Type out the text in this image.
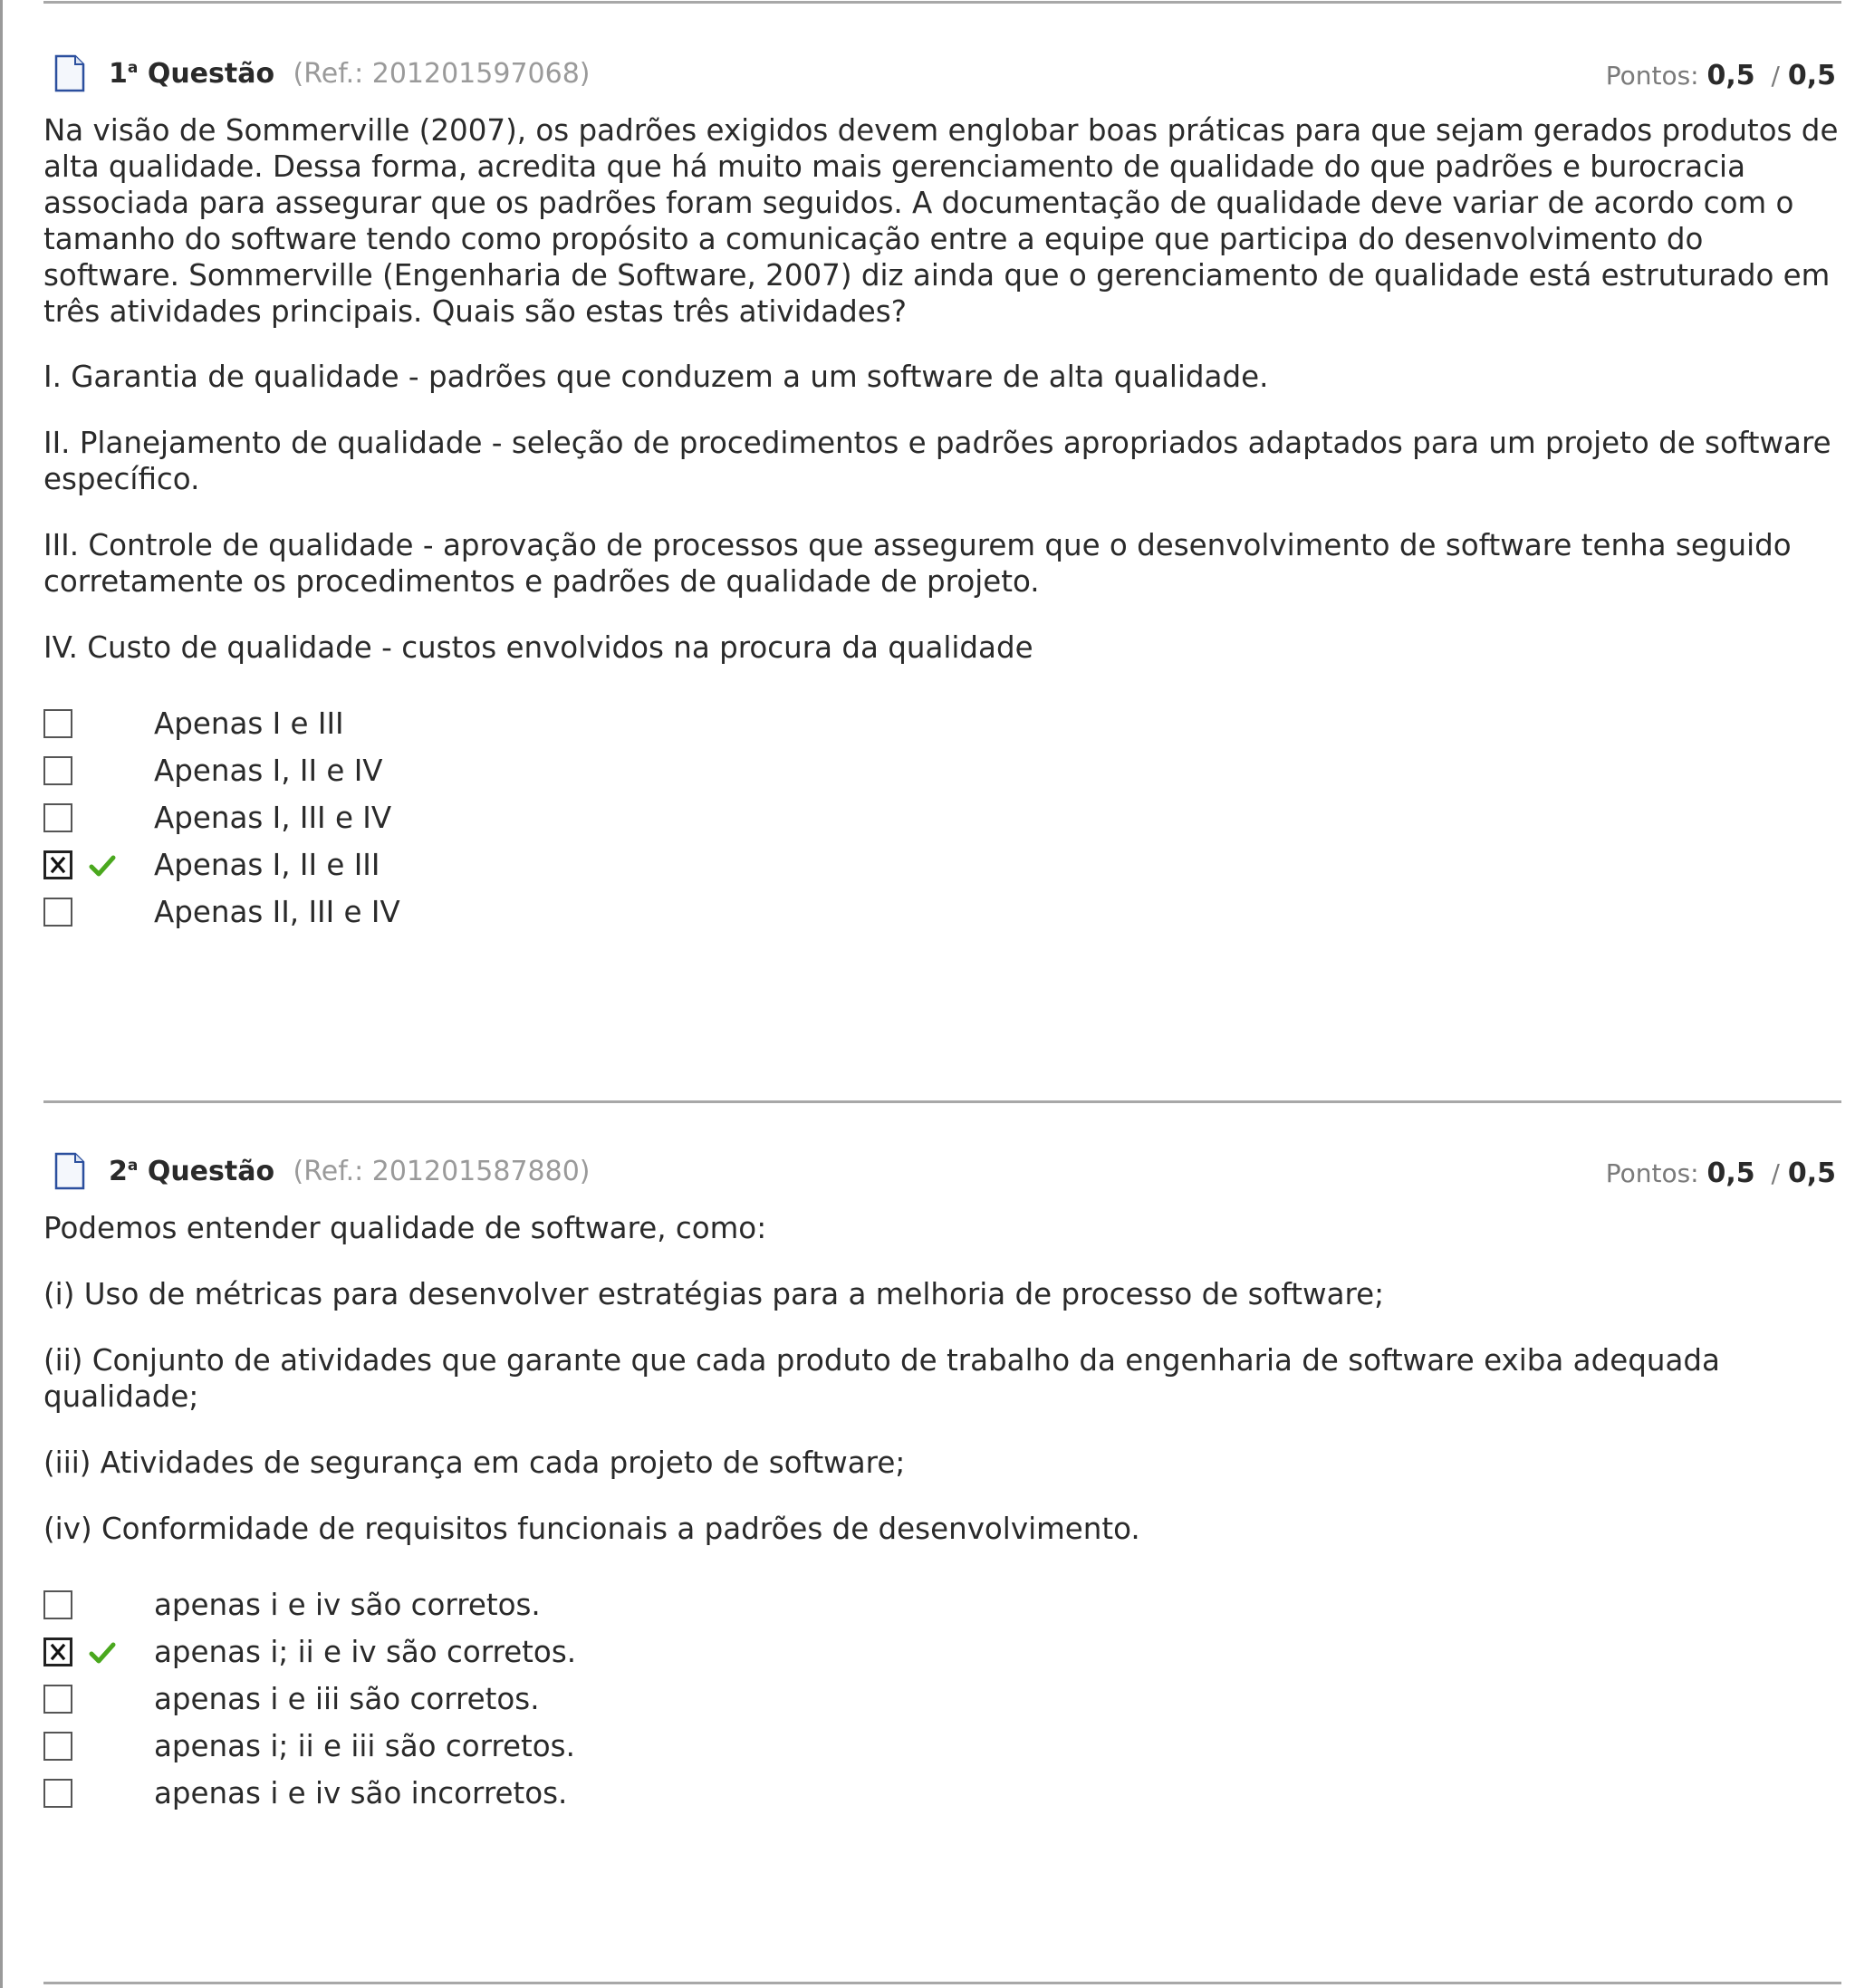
1$^a$ Questão (Ref.: 201201597068)	Pontos: 0,5 / 0,5

Na visão de Sommerville (2007), os padrões exigidos devem englobar boas práticas para que sejam gerados produtos de alta qualidade. Dessa forma, acredita que há muito mais gerenciamento de qualidade do que padrões e burocracia associada para assegurar que os padrões foram seguidos. A documentação de qualidade deve variar de acordo com o tamanho do software tendo como propósito a comunicação entre a equipe que participa do desenvolvimento do software. Sommerville (Engenharia de Software, 2007) diz ainda que o gerenciamento de qualidade está estruturado em três atividades principais. Quais são estas três atividades?

I. Garantia de qualidade - padrões que conduzem a um software de alta qualidade.

II. Planejamento de qualidade - seleção de procedimentos e padrões apropriados adaptados para um projeto de software específico.

III. Controle de qualidade - aprovação de processos que assegurem que o desenvolvimento de software tenha seguido corretamente os procedimentos e padrões de qualidade de projeto.

IV. Custo de qualidade - custos envolvidos na procura da qualidade

Apenas I e III
Apenas I, II e IV
Apenas I, III e IV
Apenas I, II e III
Apenas II, III e IV
2$^a$ Questão (Ref.: 201201587880)	Pontos: 0,5 / 0,5

Podemos entender qualidade de software, como:

(i) Uso de métricas para desenvolver estratégias para a melhoria de processo de software;

(ii) Conjunto de atividades que garante que cada produto de trabalho da engenharia de software exiba adequada qualidade;

(iii) Atividades de segurança em cada projeto de software;

(iv) Conformidade de requisitos funcionais a padrões de desenvolvimento.

apenas i e iv são corretos.
apenas i; ii e iv são corretos.
apenas i e iii são corretos.
apenas i; ii e iii são corretos.
apenas i e iv são incorretos.
